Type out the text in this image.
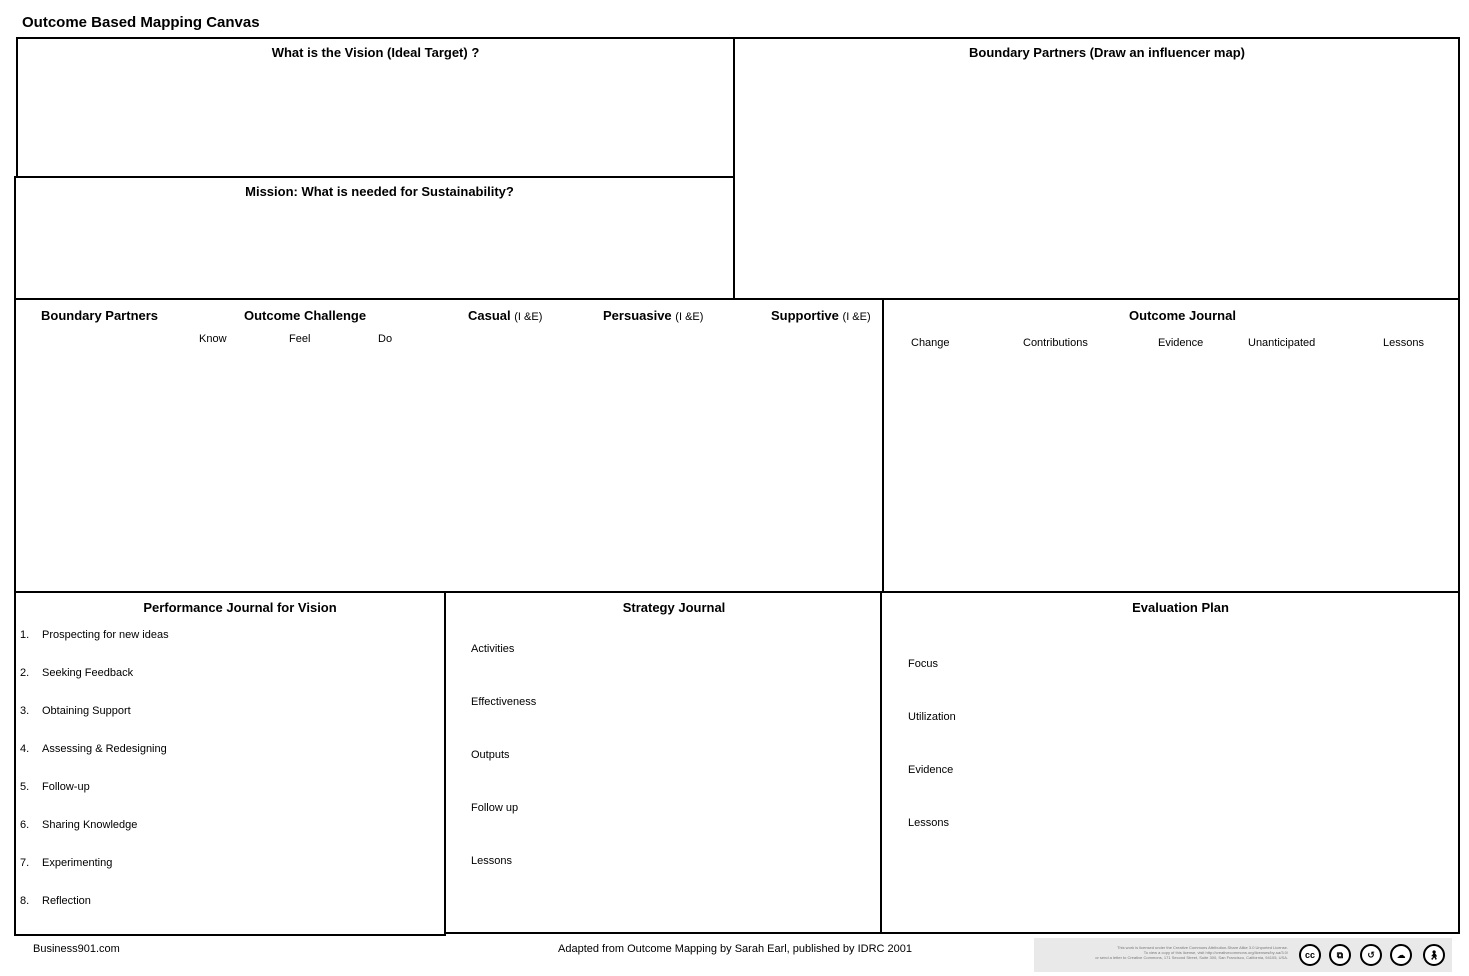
Outcome Based Mapping Canvas
What is the Vision (Ideal Target) ?
Mission: What is needed for Sustainability?
Boundary Partners (Draw an influencer map)
Boundary Partners	Outcome Challenge
Know	Feel	Do
Casual (I &E)	Persuasive (I &E)	Supportive (I &E)	Outcome Journal
Change	Contributions	Evidence	Unanticipated	Lessons
Performance Journal for Vision
1. Prospecting for new ideas
2. Seeking Feedback
3. Obtaining Support
4. Assessing & Redesigning
5. Follow-up
6. Sharing Knowledge
7. Experimenting
8. Reflection
Strategy Journal
Activities
Effectiveness
Outputs
Follow up
Lessons
Evaluation Plan
Focus
Utilization
Evidence
Lessons
Business901.com	Adapted from Outcome Mapping by Sarah Earl, published by IDRC 2001	This work is licensed under the Creative Commons Attribution-Share Alike 3.0 Unported License.
To view a copy of this license, visit http://creativecommons.org/licenses/by-sa/3.0/
or send a letter to Creative Commons, 171 Second Street, Suite 300, San Francisco, California, 94105, USA.	cc	⧉	↺	☁	🚶︎
